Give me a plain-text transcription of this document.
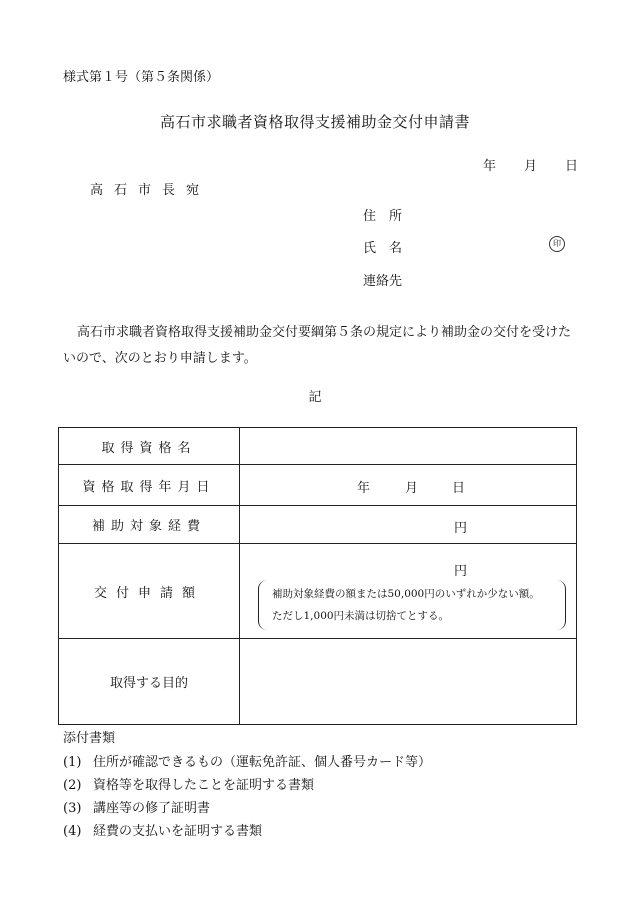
様式第１号（第５条関係）
高石市求職者資格取得支援補助金交付申請書
年 月 日
高石市長宛
住　所
氏　名	印
連絡先
高石市求職者資格取得支援補助金交付要綱第５条の規定により補助金の交付を受けたいので、次のとおり申請します。
記
取得資格名	
資格取得年月日	年 月 日

補助対象経費	円

交付申請額	円
補助対象経費の額または50,000円のいずれか少ない額。
ただし1,000円未満は切捨てとする。

取得する目的	
添付書類
(1) 住所が確認できるもの（運転免許証、個人番号カード等）
(2) 資格等を取得したことを証明する書類
(3) 講座等の修了証明書
(4) 経費の支払いを証明する書類
